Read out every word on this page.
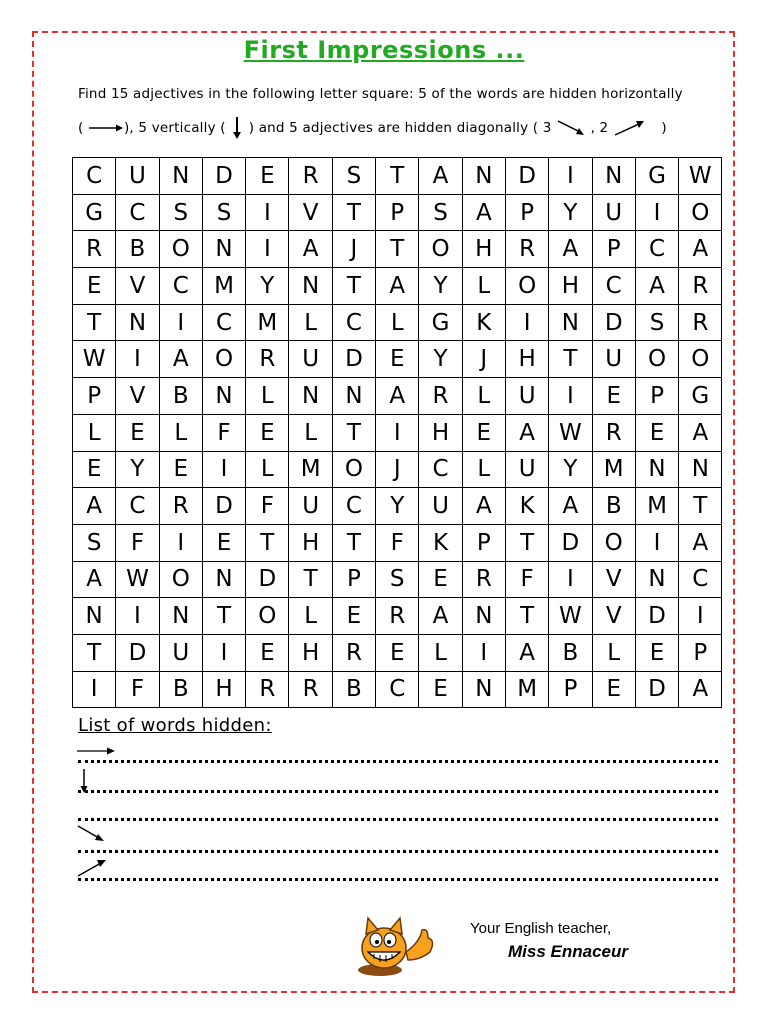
First Impressions ...
Find 15 adjectives in the following letter square: 5 of the words are hidden horizontally
(	), 5 vertically ( ) and 5 adjectives are hidden diagonally ( 3	, 2	)
C	U	N	D	E	R	S	T	A	N	D	I	N	G	W
G	C	S	S	I	V	T	P	S	A	P	Y	U	I	O
R	B	O	N	I	A	J	T	O	H	R	A	P	C	A
E	V	C	M	Y	N	T	A	Y	L	O	H	C	A	R
T	N	I	C	M	L	C	L	G	K	I	N	D	S	R
W	I	A	O	R	U	D	E	Y	J	H	T	U	O	O
P	V	B	N	L	N	N	A	R	L	U	I	E	P	G
L	E	L	F	E	L	T	I	H	E	A	W	R	E	A
E	Y	E	I	L	M	O	J	C	L	U	Y	M	N	N
A	C	R	D	F	U	C	Y	U	A	K	A	B	M	T
S	F	I	E	T	H	T	F	K	P	T	D	O	I	A
A	W	O	N	D	T	P	S	E	R	F	I	V	N	C
N	I	N	T	O	L	E	R	A	N	T	W	V	D	I
T	D	U	I	E	H	R	E	L	I	A	B	L	E	P
I	F	B	H	R	R	B	C	E	N	M	P	E	D	A
List of words hidden:
Your English teacher,
Miss Ennaceur
